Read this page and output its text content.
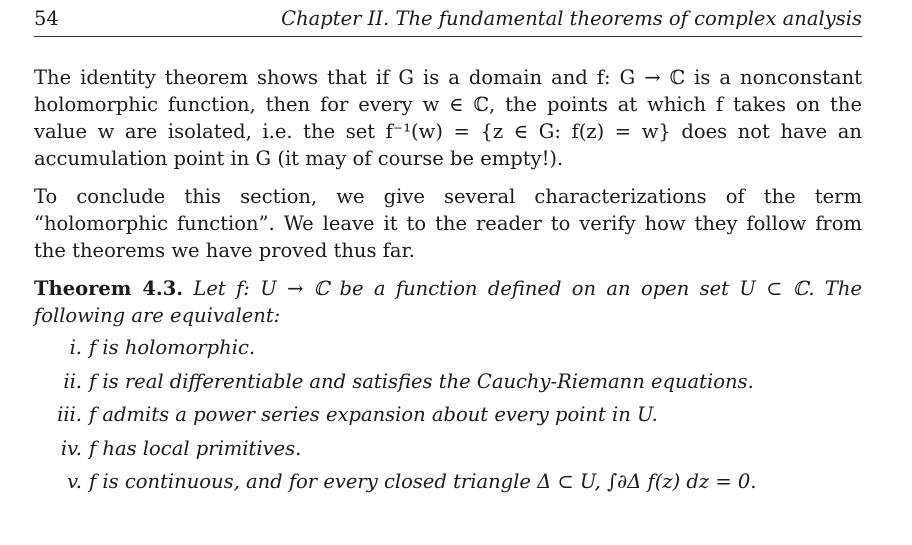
54	Chapter II. The fundamental theorems of complex analysis

The identity theorem shows that if G is a domain and f: G → ℂ is a nonconstant holomorphic function, then for every w ∈ ℂ, the points at which f takes on the value w are isolated, i.e. the set f⁻¹(w) = {z ∈ G: f(z) = w} does not have an accumulation point in G (it may of course be empty!).

To conclude this section, we give several characterizations of the term “holomorphic function”. We leave it to the reader to verify how they follow from the theorems we have proved thus far.

Theorem 4.3. Let f: U → ℂ be a function defined on an open set U ⊂ ℂ. The following are equivalent:
i. f is holomorphic.
ii. f is real differentiable and satisfies the Cauchy-Riemann equations.
iii. f admits a power series expansion about every point in U.
iv. f has local primitives.
v. f is continuous, and for every closed triangle Δ ⊂ U, ∫∂Δ f(z) dz = 0.
